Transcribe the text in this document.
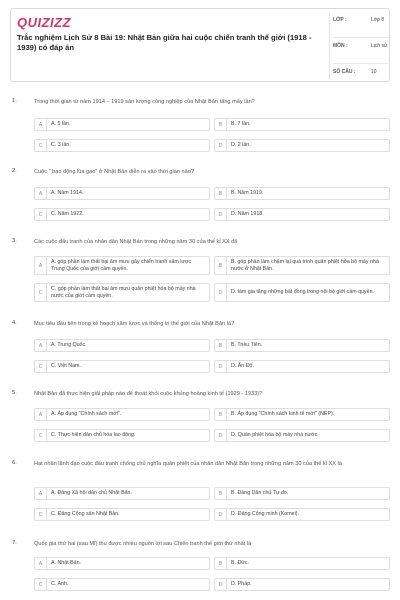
QUIZIZZ
Trắc nghiệm Lịch Sử 8 Bài 19: Nhật Bản giữa hai cuộc chiến tranh thế giới (1918 - 1939) có đáp án
LỚP :	Lớp 8
MÔN :	Lịch sử
SỐ CÂU :	10
1.	Trong thời gian từ năm 1914 – 1919 sản lượng công nghiệp của Nhật Bản tăng mấy lần?
A	A. 5 lần.	B	B. 7 lần.
C	C. 3 lần.	D	D. 2 lần.
2.	Cuộc " bạo động lúa gạo" ở Nhật Bản diễn ra vào thời gian nào?
A	A. Năm 1914.	B	B. Năm 1919.
C	C. Năm 1922.	D	D. Năm 1918.
3.	Các cuộc đấu tranh của nhân dân Nhật Bản trong những năm 30 của thế kỉ XX đã
A
A. góp phần làm thất bại âm mưu gây chiến tranh xâm lược Trung Quốc của giới cầm quyền.	B
B. góp phần làm chậm lại quá trình quân phiệt hóa bộ máy nhà nước ở Nhật Bản.
C
C. góp phần làm thất bại âm mưu quân phiệt hóa bộ máy nhà nước của giới cầm quyền.	D	D. làm gia tăng những bất đồng trong nội bộ giới cầm quyền.
4.	Mục tiêu đầu tiên trong kế hoạch xâm lược và thống trị thế giới của Nhật Bản là?
A	A. Trung Quốc.	B	B. Triều Tiên.
C	C. Việt Nam.	D	D. Ấn Độ.
5.	Nhật Bản đã thực hiện giải pháp nào để thoát khỏi cuộc khủng hoảng kinh tế (1929 - 1933)?
A	A. Áp dụng "Chính sách mới".	B	B. Áp dụng "Chính sách kinh tế mới" (NEP).
C	C. Thực hiện dân chủ hóa lao động.	D	D. Quân phiệt hóa bộ máy nhà nước.
6.	Hạt nhân lãnh đạo cuộc đấu tranh chống chủ nghĩa quân phiệt của nhân dân Nhật Bản trong những năm 30 của thế kỉ XX là
A	A. Đảng Xã hội dân chủ Nhật Bản.	B	B. Đảng Dân chủ Tự do.
C	C. Đảng Cộng sản Nhật Bản.	D	D. Đảng Công minh (Komei).
7.	Quốc gia thứ hai (sau Mĩ) thu được nhiều nguồn lợi sau Chiến tranh thế giới thứ nhất là
A	A. Nhật Bản.	B	B. Đức.
C	C. Anh.	D	D. Pháp.
